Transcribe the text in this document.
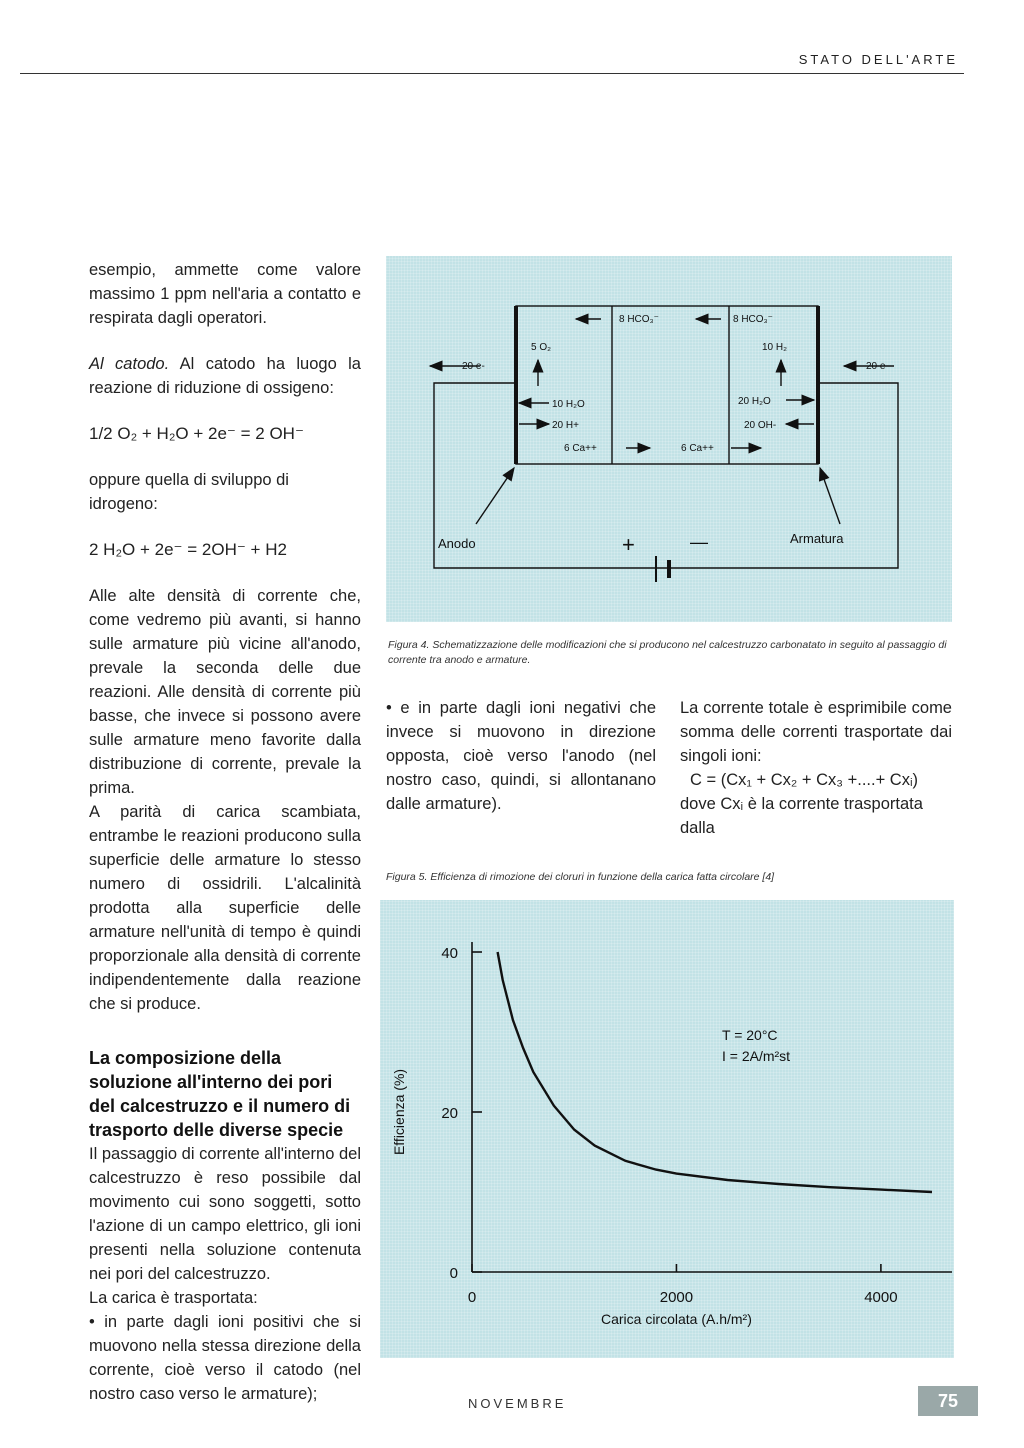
STATO DELL'ARTE

esempio, ammette come valore massimo 1 ppm nell'aria a contatto e respirata dagli operatori.

Al catodo. Al catodo ha luogo la reazione di riduzione di ossigeno:

1/2 O₂ + H₂O + 2e⁻ = 2 OH⁻

oppure quella di sviluppo di idrogeno:

2 H₂O + 2e⁻ = 2OH⁻ + H2

Alle alte densità di corrente che, come vedremo più avanti, si hanno sulle armature più vicine all'anodo, prevale la seconda delle due reazioni. Alle densità di corrente più basse, che invece si possono avere sulle armature meno favorite dalla distribuzione di corrente, prevale la prima.

A parità di carica scambiata, entrambe le reazioni producono sulla superficie delle armature lo stesso numero di ossidrili. L'alcalinità prodotta alla superficie delle armature nell'unità di tempo è quindi proporzionale alla densità di corrente indipendentemente dalla reazione che si produce.

La composizione della soluzione all'interno dei pori del calcestruzzo e il numero di trasporto delle diverse specie

Il passaggio di corrente all'interno del calcestruzzo è reso possibile dal movimento cui sono soggetti, sotto l'azione di un campo elettrico, gli ioni presenti nella soluzione contenuta nei pori del calcestruzzo.

La carica è trasportata:

• in parte dagli ioni positivi che si muovono nella stessa direzione della corrente, cioè verso il catodo (nel nostro caso verso le armature);

20 e-	20 e-
5 O₂
8 HCO₃⁻	8 HCO₃⁻
10 H₂
10 H₂O
20 H+
6 Ca++	6 Ca++
20 H₂O
20 OH-
Anodo	Armatura
+	—
Figura 4. Schematizzazione delle modificazioni che si producono nel calcestruzzo carbonatato in seguito al passaggio di corrente tra anodo e armature.

• e in parte dagli ioni negativi che invece si muovono in direzione opposta, cioè verso l'anodo (nel nostro caso, quindi, si allontanano dalle armature).

La corrente totale è esprimibile come somma delle correnti trasportate dai singoli ioni:

C = (Cx₁ + Cx₂ + Cx₃ +....+ Cxᵢ)

dove Cxᵢ è la corrente trasportata dalla

Figura 5. Efficienza di rimozione dei cloruri in funzione della carica fatta circolare [4]
0
20
40
0	2000	4000
Efficienza (%)
Carica circolata (A.h/m²)
T = 20°C
I = 2A/m²st
NOVEMBRE	75
